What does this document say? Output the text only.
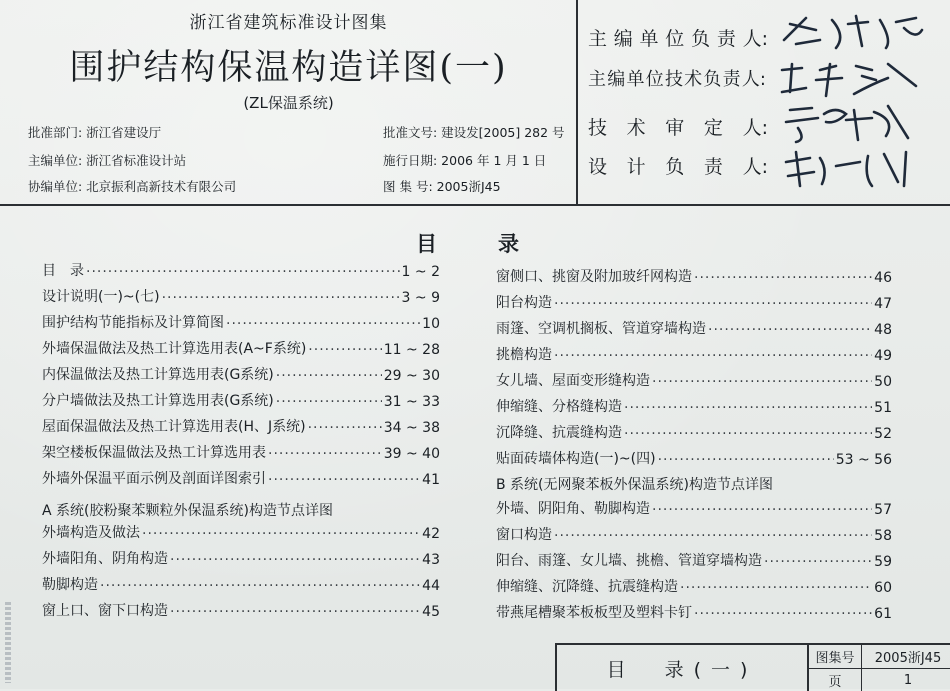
浙江省建筑标准设计图集
围护结构保温构造详图(一)
(ZL保温系统)
批准部门: 浙江省建设厅	批准文号: 建设发[2005] 282 号
主编单位: 浙江省标准设计站	施行日期: 2006 年 1 月 1 日
协编单位: 北京振利高新技术有限公司	图 集 号: 2005浙J45
主 编 单 位 负 责 人:
主 编 单 位 技 术 负 责 人:
技 术 审 定 人:
设 计 负 责 人:
目	录
目　录 ·····	1 ~ 2
设计说明(一)~(七) ·····	3 ~ 9
围护结构节能指标及计算简图 ·····	10
外墙保温做法及热工计算选用表(A~F系统) ·····	11 ~ 28
内保温做法及热工计算选用表(G系统) ·····	29 ~ 30
分户墙做法及热工计算选用表(G系统) ·····	31 ~ 33
屋面保温做法及热工计算选用表(H、J系统) ·····	34 ~ 38
架空楼板保温做法及热工计算选用表 ·····	39 ~ 40
外墙外保温平面示例及剖面详图索引 ·····	41
A 系统(胶粉聚苯颗粒外保温系统)构造节点详图
外墙构造及做法 ·····	42
外墙阳角、阴角构造 ·····	43
勒脚构造 ·····	44
窗上口、窗下口构造 ·····	45
窗侧口、挑窗及附加玻纤网构造 ·····	46
阳台构造 ·····	47
雨篷、空调机搁板、管道穿墙构造 ·····	48
挑檐构造 ·····	49
女儿墙、屋面变形缝构造 ·····	50
伸缩缝、分格缝构造 ·····	51
沉降缝、抗震缝构造 ·····	52
贴面砖墙体构造(一)~(四) ·····	53 ~ 56
B 系统(无网聚苯板外保温系统)构造节点详图
外墙、阴阳角、勒脚构造 ·····	57
窗口构造 ·····	58
阳台、雨篷、女儿墙、挑檐、管道穿墙构造 ·····	59
伸缩缝、沉降缝、抗震缝构造 ·····	60
带燕尾槽聚苯板板型及塑料卡钉 ·····	61
目　录(一)	图集号	2005浙J45
页	1
